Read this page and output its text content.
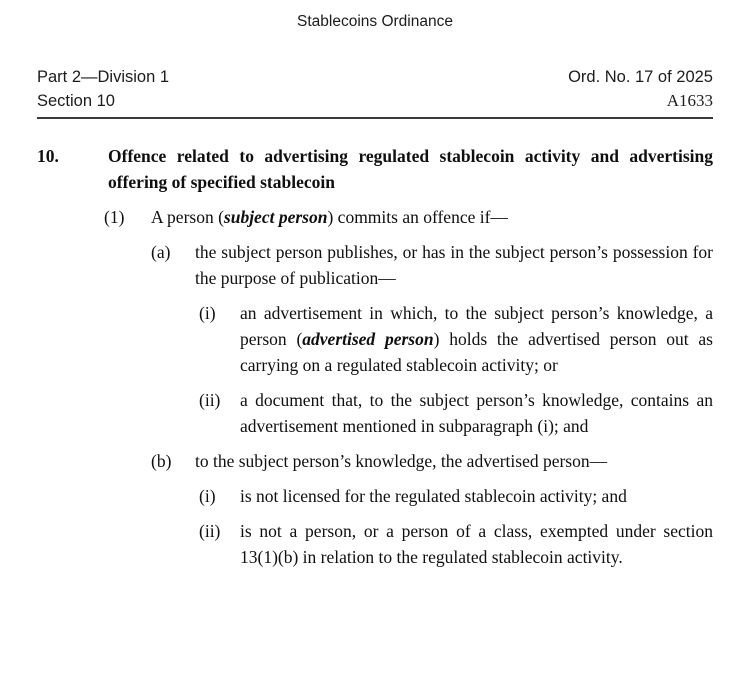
Stablecoins Ordinance
Part 2—Division 1
Section 10
Ord. No. 17 of 2025
A1633
10.	Offence related to advertising regulated stablecoin activity and advertising offering of specified stablecoin
(1) A person (subject person) commits an offence if—
(a) the subject person publishes, or has in the subject person’s possession for the purpose of publication—
(i) an advertisement in which, to the subject person’s knowledge, a person (advertised person) holds the advertised person out as carrying on a regulated stablecoin activity; or
(ii) a document that, to the subject person’s knowledge, contains an advertisement mentioned in subparagraph (i); and
(b) to the subject person’s knowledge, the advertised person—
(i) is not licensed for the regulated stablecoin activity; and
(ii) is not a person, or a person of a class, exempted under section 13(1)(b) in relation to the regulated stablecoin activity.
